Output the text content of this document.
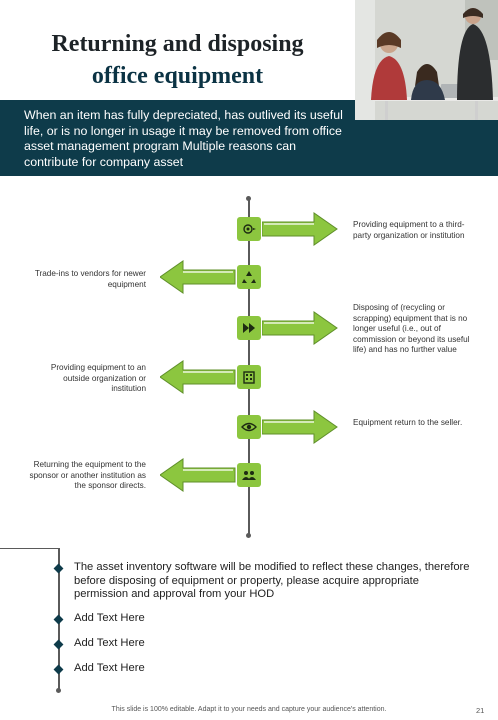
Returning and disposing
office equipment
When an item has fully depreciated, has outlived its useful life, or is no longer in usage it may be removed from office asset management program Multiple reasons can contribute for company asset
Providing equipment to a third-party organization or institution
Trade-ins to vendors for newer equipment
Disposing of (recycling or scrapping) equipment that is no longer useful (i.e., out of commission or beyond its useful life) and has no further value
Providing equipment to an outside organization or institution
Equipment return to the seller.
Returning the equipment to the sponsor or another institution as the sponsor directs.
The asset inventory software will be modified to reflect these changes, therefore before disposing of equipment or property, please acquire appropriate permission and approval from your HOD
Add Text Here
Add Text Here
Add Text Here
This slide is 100% editable. Adapt it to your needs and capture your audience's attention.	21
